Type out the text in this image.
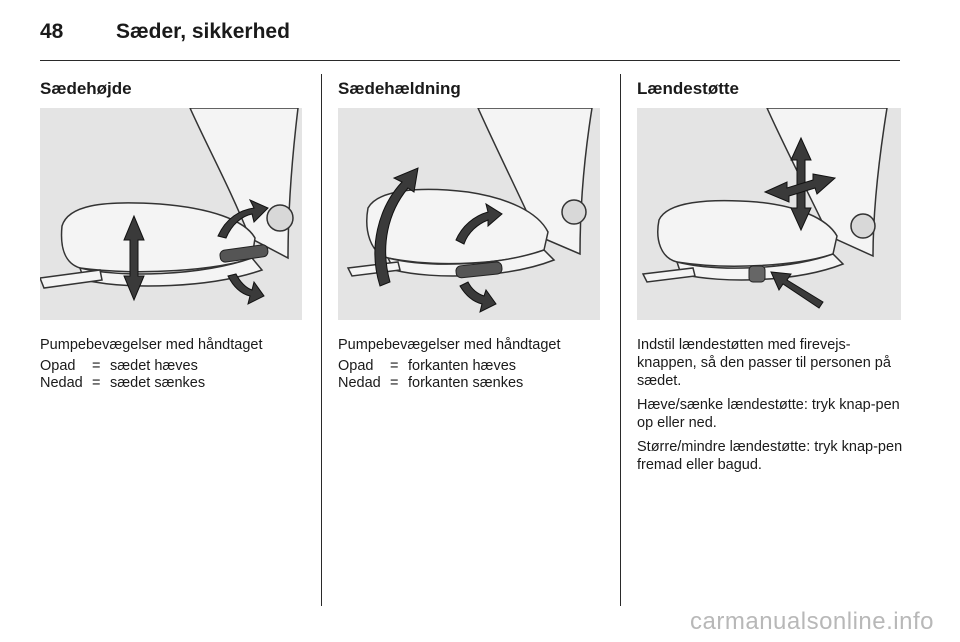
48	Sæder, sikkerhed
Sædehøjde
Pumpebevægelser med håndtaget
Opad	=	sædet hæves
Nedad	=	sædet sænkes
Sædehældning
Pumpebevægelser med håndtaget
Opad	=	forkanten hæves
Nedad	=	forkanten sænkes
Lændestøtte

Indstil lændestøtten med firevejs-knappen, så den passer til personen på sædet.

Hæve/sænke lændestøtte: tryk knap-pen op eller ned.

Større/mindre lændestøtte: tryk knap-pen fremad eller bagud.

carmanualsonline.info
